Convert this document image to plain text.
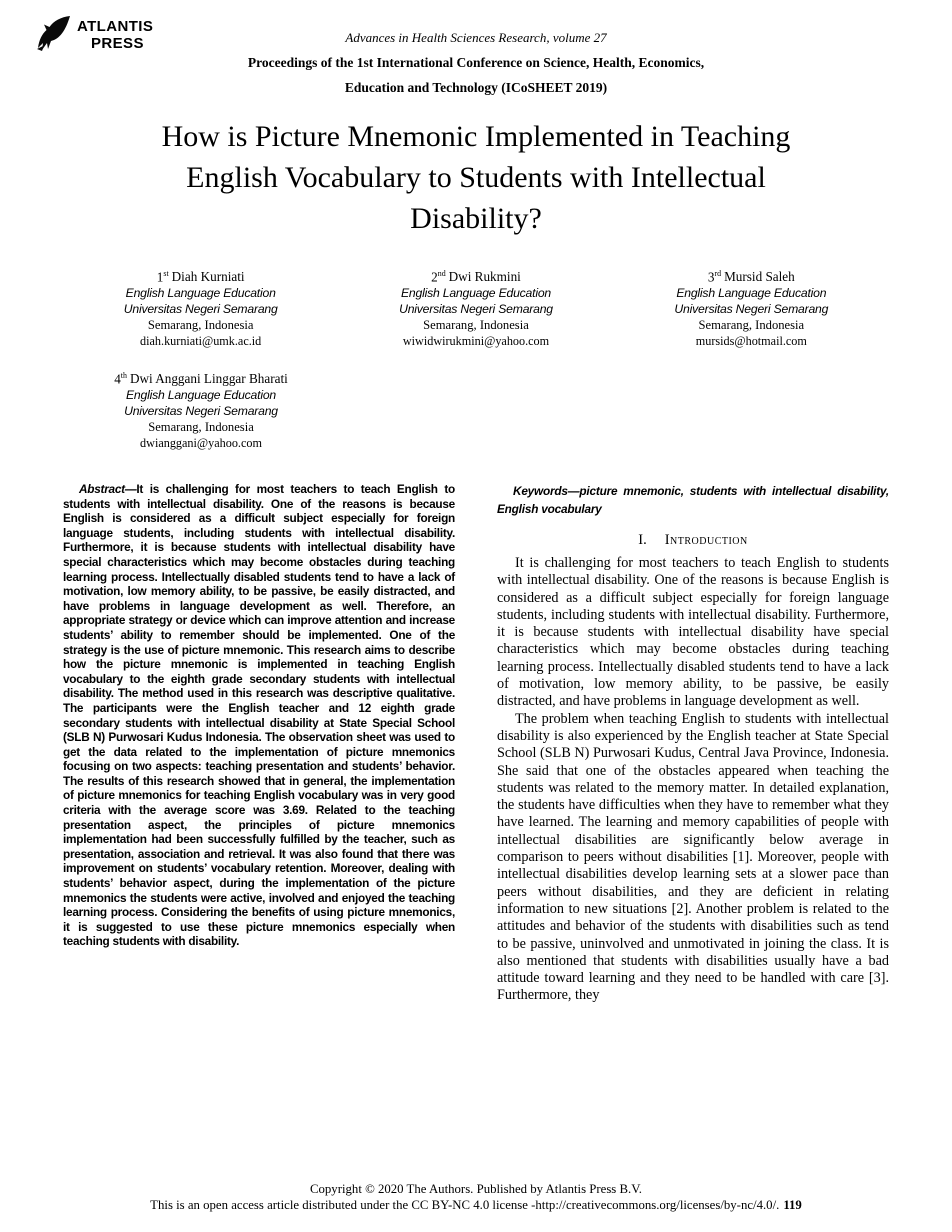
ATLANTIS
PRESS	Advances in Health Sciences Research, volume 27
Proceedings of the 1st International Conference on Science, Health, Economics,
Education and Technology (ICoSHEET 2019)
How is Picture Mnemonic Implemented in Teaching English Vocabulary to Students with Intellectual Disability?
1st Diah Kurniati
English Language Education
Universitas Negeri Semarang
Semarang, Indonesia
diah.kurniati@umk.ac.id
2nd Dwi Rukmini
English Language Education
Universitas Negeri Semarang
Semarang, Indonesia
wiwidwirukmini@yahoo.com
3rd Mursid Saleh
English Language Education
Universitas Negeri Semarang
Semarang, Indonesia
mursids@hotmail.com
4th Dwi Anggani Linggar Bharati
English Language Education
Universitas Negeri Semarang
Semarang, Indonesia
dwianggani@yahoo.com

Abstract—It is challenging for most teachers to teach English to students with intellectual disability. One of the reasons is because English is considered as a difficult subject especially for foreign language students, including students with intellectual disability. Furthermore, it is because students with intellectual disability have special characteristics which may become obstacles during teaching learning process. Intellectually disabled students tend to have a lack of motivation, low memory ability, to be passive, be easily distracted, and have problems in language development as well. Therefore, an appropriate strategy or device which can improve attention and increase students’ ability to remember should be implemented. One of the strategy is the use of picture mnemonic. This research aims to describe how the picture mnemonic is implemented in teaching English vocabulary to the eighth grade secondary students with intellectual disability. The method used in this research was descriptive qualitative. The participants were the English teacher and 12 eighth grade secondary students with intellectual disability at State Special School (SLB N) Purwosari Kudus Indonesia. The observation sheet was used to get the data related to the implementation of picture mnemonics focusing on two aspects: teaching presentation and students’ behavior. The results of this research showed that in general, the implementation of picture mnemonics for teaching English vocabulary was in very good criteria with the average score was 3.69. Related to the teaching presentation aspect, the principles of picture mnemonics implementation had been successfully fulfilled by the teacher, such as presentation, association and retrieval. It was also found that there was improvement on students’ vocabulary retention. Moreover, dealing with students’ behavior aspect, during the implementation of the picture mnemonics the students were active, involved and enjoyed the teaching learning process. Considering the benefits of using picture mnemonics, it is suggested to use these picture mnemonics especially when teaching students with disability.

Keywords—picture mnemonic, students with intellectual disability, English vocabulary

I. Introduction

It is challenging for most teachers to teach English to students with intellectual disability. One of the reasons is because English is considered as a difficult subject especially for foreign language students, including students with intellectual disability. Furthermore, it is because students with intellectual disability have special characteristics which may become obstacles during teaching learning process. Intellectually disabled students tend to have a lack of motivation, low memory ability, to be passive, be easily distracted, and have problems in language development as well.

The problem when teaching English to students with intellectual disability is also experienced by the English teacher at State Special School (SLB N) Purwosari Kudus, Central Java Province, Indonesia. She said that one of the obstacles appeared when teaching the students was related to the memory matter. In detailed explanation, the students have difficulties when they have to remember what they have learned. The learning and memory capabilities of people with intellectual disabilities are significantly below average in comparison to peers without disabilities [1]. Moreover, people with intellectual disabilities develop learning sets at a slower pace than peers without disabilities, and they are deficient in relating information to new situations [2]. Another problem is related to the attitudes and behavior of the students with disabilities such as tend to be passive, uninvolved and unmotivated in joining the class. It is also mentioned that students with disabilities usually have a bad attitude toward learning and they need to be handled with care [3]. Furthermore, they

Copyright © 2020 The Authors. Published by Atlantis Press B.V.
This is an open access article distributed under the CC BY-NC 4.0 license -http://creativecommons.org/licenses/by-nc/4.0/. 119
